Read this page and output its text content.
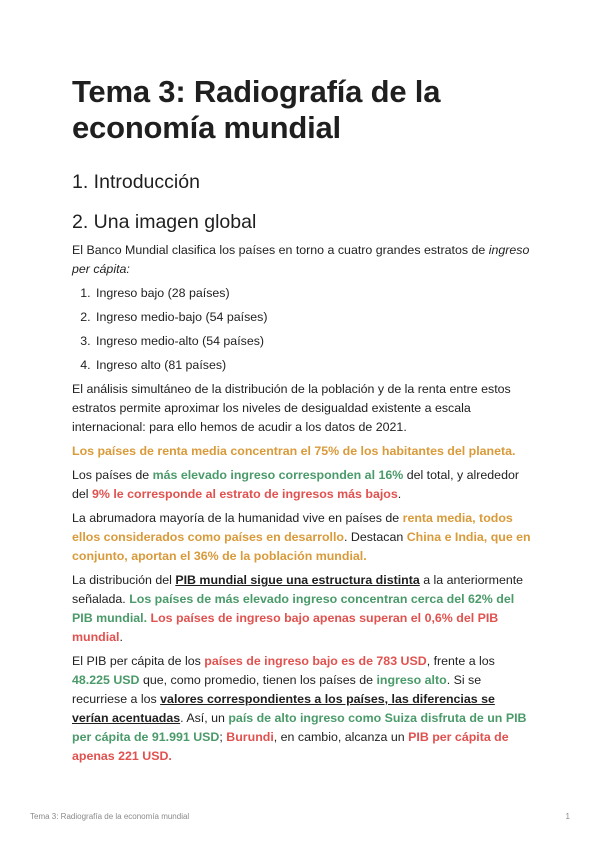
Tema 3: Radiografía de la economía mundial
1. Introducción
2. Una imagen global

El Banco Mundial clasifica los países en torno a cuatro grandes estratos de ingreso per cápita:

1. Ingreso bajo (28 países)
2. Ingreso medio-bajo (54 países)
3. Ingreso medio-alto (54 países)
4. Ingreso alto (81 países)

El análisis simultáneo de la distribución de la población y de la renta entre estos estratos permite aproximar los niveles de desigualdad existente a escala internacional: para ello hemos de acudir a los datos de 2021.

Los países de renta media concentran el 75% de los habitantes del planeta.

Los países de más elevado ingreso corresponden al 16% del total, y alrededor del 9% le corresponde al estrato de ingresos más bajos.

La abrumadora mayoría de la humanidad vive en países de renta media, todos ellos considerados como países en desarrollo. Destacan China e India, que en conjunto, aportan el 36% de la población mundial.

La distribución del PIB mundial sigue una estructura distinta a la anteriormente señalada. Los países de más elevado ingreso concentran cerca del 62% del PIB mundial. Los países de ingreso bajo apenas superan el 0,6% del PIB mundial.

El PIB per cápita de los países de ingreso bajo es de 783 USD, frente a los 48.225 USD que, como promedio, tienen los países de ingreso alto. Si se recurriese a los valores correspondientes a los países, las diferencias se verían acentuadas. Así, un país de alto ingreso como Suiza disfruta de un PIB per cápita de 91.991 USD; Burundi, en cambio, alcanza un PIB per cápita de apenas 221 USD.

Tema 3: Radiografía de la economía mundial	1
